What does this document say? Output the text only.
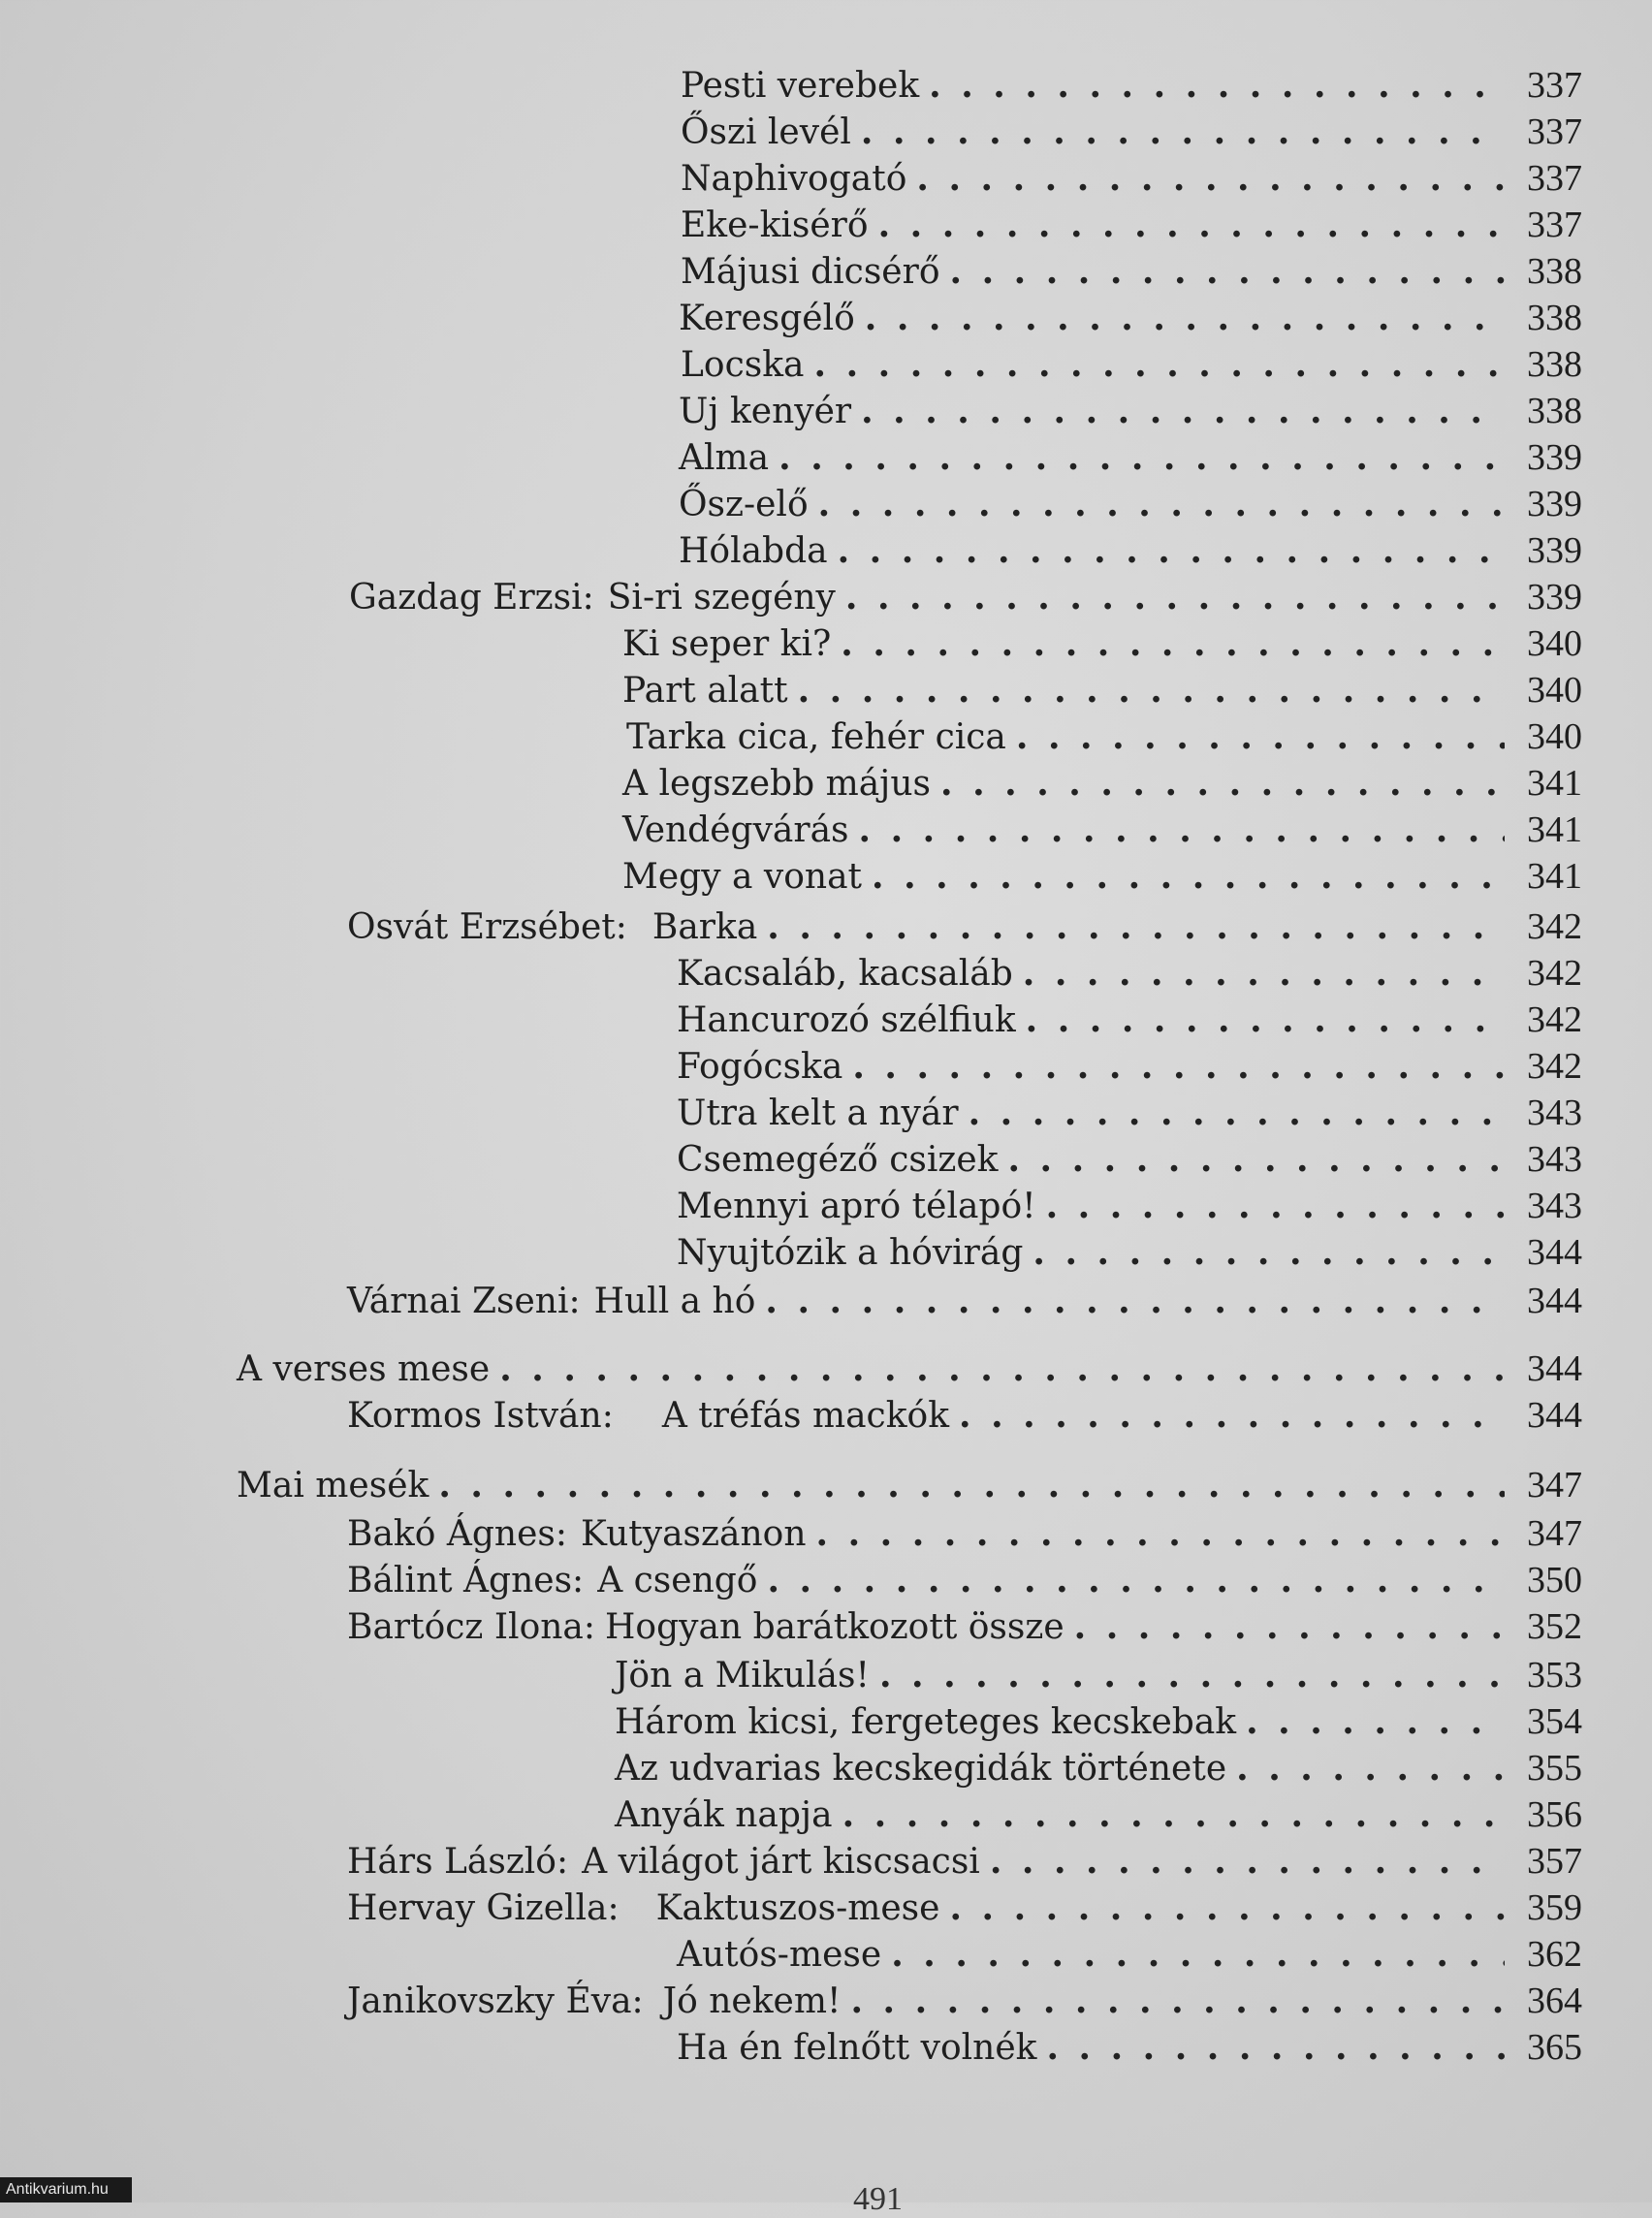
Pesti verebek . . .	337
Őszi levél . . .	337
Naphivogató . . .	337
Eke-kisérő . . .	337
Májusi dicsérő . . .	338
Keresgélő . . .	338
Locska . . .	338
Uj kenyér . . .	338
Alma . . .	339
Ősz-elő . . .	339
Hólabda . . .	339
Gazdag Erzsi: Si-ri szegény . . .	339
Ki seper ki? . . .	340
Part alatt . . .	340
Tarka cica, fehér cica . . .	340
A legszebb május . . .	341
Vendégvárás . . .	341
Megy a vonat . . .	341
Osvát Erzsébet: Barka . . .	342
Kacsaláb, kacsaláb . . .	342
Hancurozó szélfiuk . . .	342
Fogócska . . .	342
Utra kelt a nyár . . .	343
Csemegéző csizek . . .	343
Mennyi apró télapó! . . .	343
Nyujtózik a hóvirág . . .	344
Várnai Zseni: Hull a hó . . .	344
A verses mese . . .	344
Kormos István: A tréfás mackók . . .	344
Mai mesék . . .	347
Bakó Ágnes: Kutyaszánon . . .	347
Bálint Ágnes: A csengő . . .	350
Bartócz Ilona: Hogyan barátkozott össze . . .	352
Jön a Mikulás! . . .	353
Három kicsi, fergeteges kecskebak . . .	354
Az udvarias kecskegidák története . . .	355
Anyák napja . . .	356
Hárs László: A világot járt kiscsacsi . . .	357
Hervay Gizella: Kaktuszos-mese . . .	359
Autós-mese . . .	362
Janikovszky Éva: Jó nekem! . . .	364
Ha én felnőtt volnék . . .	365
491
Antikvarium.hu
